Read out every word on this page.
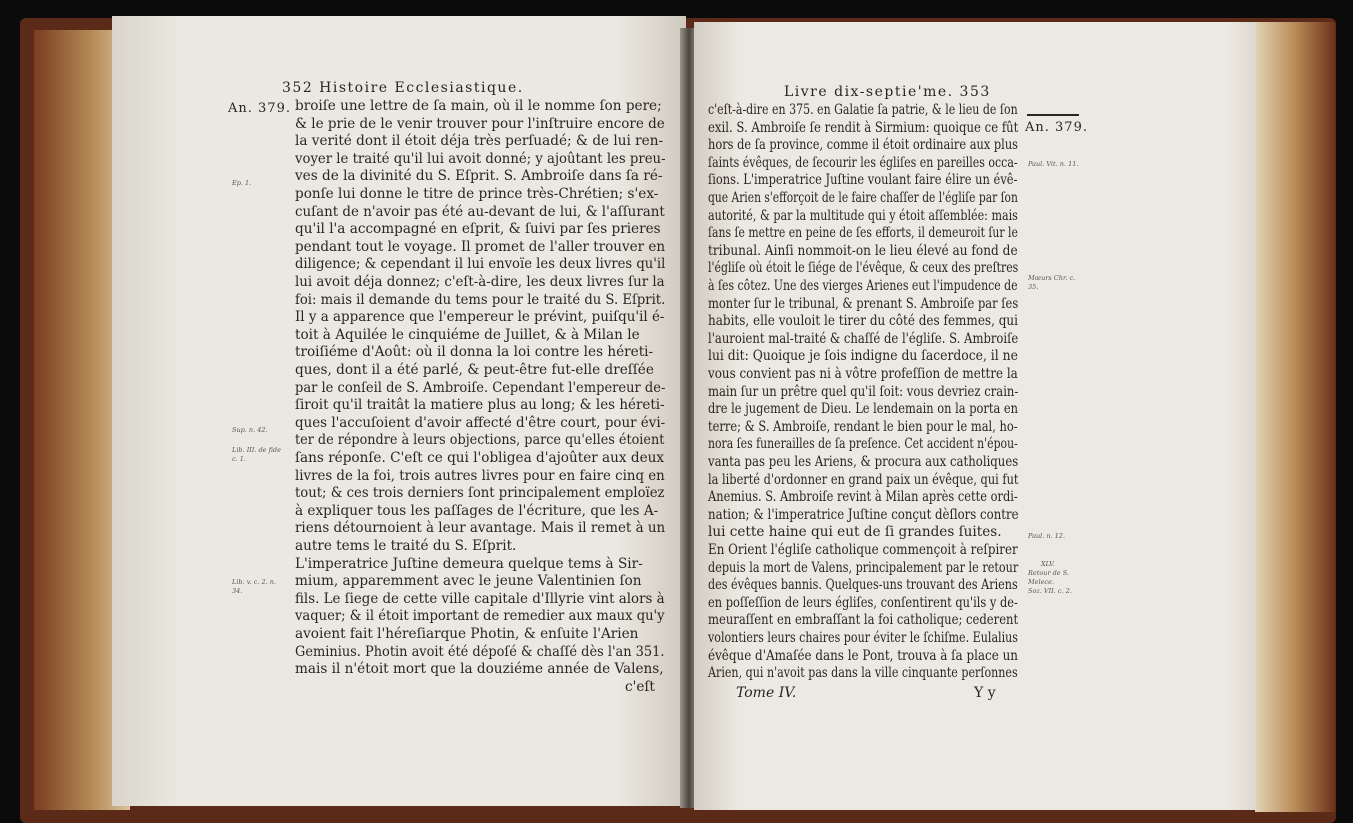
352 Histoire Ecclesiastique.
An. 379. broiſe une lettre de ſa main, où il le nomme ſon pere;
& le prie de le venir trouver pour l'inſtruire encore de
la verité dont il étoit déja très perſuadé; & de lui ren-
voyer le traité qu'il lui avoit donné; y ajoûtant les preu-
ves de la divinité du S. Eſprit. S. Ambroiſe dans ſa ré-
ponſe lui donne le titre de prince très-Chrétien; s'ex-
cuſant de n'avoir pas été au-devant de lui, & l'aſſurant
qu'il l'a accompagné en eſprit, & ſuivi par ſes prieres
pendant tout le voyage. Il promet de l'aller trouver en
diligence; & cependant il lui envoïe les deux livres qu'il
lui avoit déja donnez; c'eſt-à-dire, les deux livres ſur la
foi: mais il demande du tems pour le traité du S. Eſprit.
Il y a apparence que l'empereur le prévint, puiſqu'il é-
toit à Aquilée le cinquiéme de Juillet, & à Milan le
troiſiéme d'Août: où il donna la loi contre les héreti-
ques, dont il a été parlé, & peut-être fut-elle dreſſée
par le conſeil de S. Ambroiſe. Cependant l'empereur de-
ſiroit qu'il traitât la matiere plus au long; & les héreti-
ques l'accuſoient d'avoir affecté d'être court, pour évi-
ter de répondre à leurs objections, parce qu'elles étoient
ſans réponſe. C'eſt ce qui l'obligea d'ajoûter aux deux
livres de la foi, trois autres livres pour en faire cinq en
tout; & ces trois derniers ſont principalement emploïez
à expliquer tous les paſſages de l'écriture, que les A-
riens détournoient à leur avantage. Mais il remet à un
autre tems le traité du S. Eſprit.
L'imperatrice Juſtine demeura quelque tems à Sir-
mium, apparemment avec le jeune Valentinien ſon
fils. Le ſiege de cette ville capitale d'Illyrie vint alors à
vaquer; & il étoit important de remedier aux maux qu'y
avoient fait l'héreſiarque Photin, & enſuite l'Arien
Geminius. Photin avoit été dépoſé & chaſſé dès l'an 351.
mais il n'étoit mort que la douziéme année de Valens,
c'eſt
Ep. 1.
Sup. n. 42.
Lib. III. de fide
c. 1.
Lib. v. c. 2. n.
34.
Livre dix-septie'me. 353
An. 379.
c'eſt-à-dire en 375. en Galatie ſa patrie, & le lieu de ſon
exil. S. Ambroiſe ſe rendit à Sirmium: quoique ce fût
hors de ſa province, comme il étoit ordinaire aux plus
ſaints évêques, de ſecourir les égliſes en pareilles occa-
ſions. L'imperatrice Juſtine voulant faire élire un évê-
que Arien s'efforçoit de le faire chaſſer de l'égliſe par ſon
autorité, & par la multitude qui y étoit aſſemblée: mais
ſans ſe mettre en peine de ſes efforts, il demeuroit ſur le
tribunal. Ainſi nommoit-on le lieu élevé au fond de
l'égliſe où étoit le ſiége de l'évêque, & ceux des preſtres
à ſes côtez. Une des vierges Arienes eut l'impudence de
monter ſur le tribunal, & prenant S. Ambroiſe par ſes
habits, elle vouloit le tirer du côté des femmes, qui
l'auroient mal-traité & chaſſé de l'égliſe. S. Ambroiſe
lui dit: Quoique je ſois indigne du ſacerdoce, il ne
vous convient pas ni à vôtre profeſſion de mettre la
main ſur un prêtre quel qu'il ſoit: vous devriez crain-
dre le jugement de Dieu. Le lendemain on la porta en
terre; & S. Ambroiſe, rendant le bien pour le mal, ho-
nora ſes funerailles de ſa preſence. Cet accident n'épou-
vanta pas peu les Ariens, & procura aux catholiques
la liberté d'ordonner en grand paix un évêque, qui fut
Anemius. S. Ambroiſe revint à Milan après cette ordi-
nation; & l'imperatrice Juſtine conçut dèſlors contre
lui cette haine qui eut de ſi grandes ſuites.
En Orient l'égliſe catholique commençoit à reſpirer
depuis la mort de Valens, principalement par le retour
des évêques bannis. Quelques-uns trouvant des Ariens
en poſſeſſion de leurs égliſes, conſentirent qu'ils y de-
meuraſſent en embraſſant la foi catholique; cederent
volontiers leurs chaires pour éviter le ſchiſme. Eulalius
évêque d'Amaſée dans le Pont, trouva à ſa place un
Arien, qui n'avoit pas dans la ville cinquante perſonnes
Paul. Vit. n. 11.
Mœurs Chr. c.
35.
Paul. n. 12.
XLV.
Retour de S.
Melece.
Soz. VII. c. 2.
Tome IV.	Y y
